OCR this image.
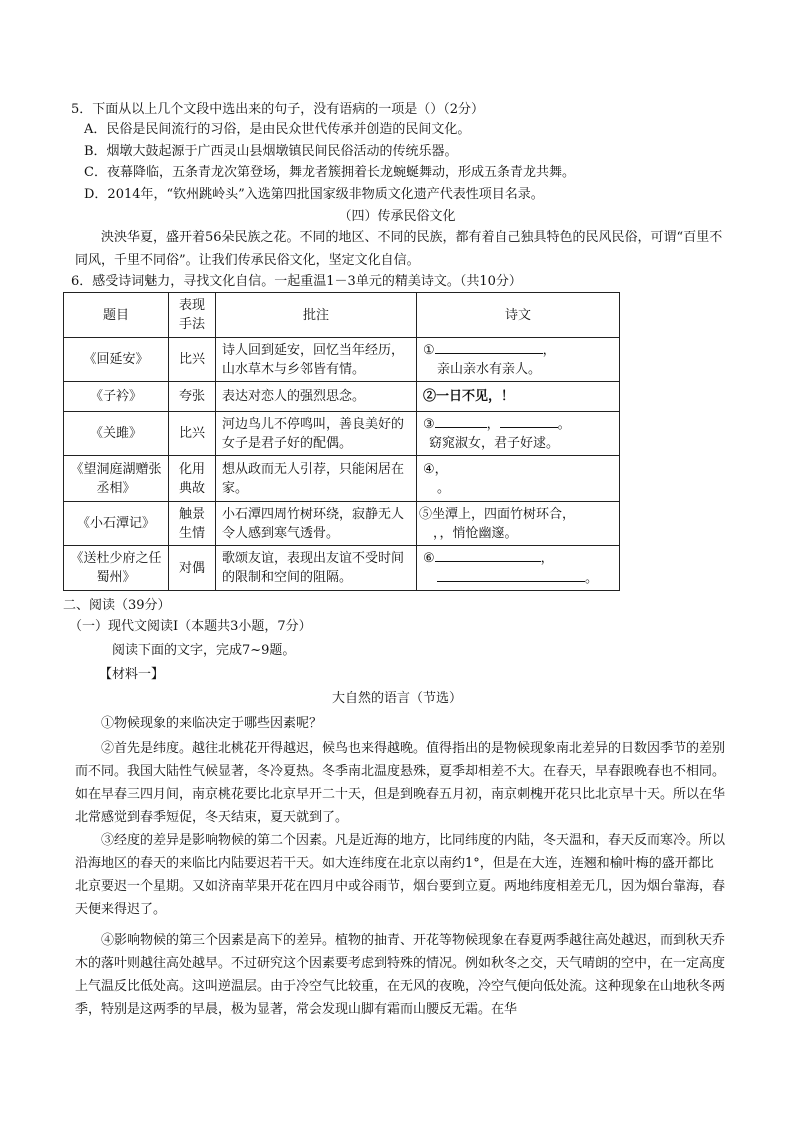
5．下面从以上几个文段中选出来的句子，没有语病的一项是（）（2分）
A．民俗是民间流行的习俗，是由民众世代传承并创造的民间文化。
B．烟墩大鼓起源于广西灵山县烟墩镇民间民俗活动的传统乐器。
C．夜幕降临，五条青龙次第登场，舞龙者簇拥着长龙蜿蜒舞动，形成五条青龙共舞。
D．2014年，“钦州跳岭头”入选第四批国家级非物质文化遗产代表性项目名录。
（四）传承民俗文化
泱泱华夏，盛开着56朵民族之花。不同的地区、不同的民族，都有着自己独具特色的民风民俗，可谓“百里不同风，千里不同俗”。让我们传承民俗文化，坚定文化自信。
6．感受诗词魅力，寻找文化自信。一起重温1－3单元的精美诗文。（共10分）
题目	表现手法	批注	诗文
《回延安》	比兴	诗人回到延安，回忆当年经历，山水草木与乡邻皆有情。	① ，
亲山亲水有亲人。

《子衿》	夸张	表达对恋人的强烈思念。	②一日不见，！
《关雎》	比兴	河边鸟儿不停鸣叫，善良美好的女子是君子好的配偶。	③ ， 。
窈窕淑女，君子好逑。

《望洞庭湖赠张丞相》	化用典故	想从政而无人引荐，只能闲居在家。	④，
。

《小石潭记》	触景生情	小石潭四周竹树环绕，寂静无人令人感到寒气透骨。	⑤坐潭上，四面竹树环合，
，，悄怆幽邃。

《送杜少府之任蜀州》	对偶	歌颂友谊，表现出友谊不受时间的限制和空间的阻隔。	⑥ ，
。
二、阅读（39分）
（一）现代文阅读Ⅰ（本题共3小题，7分）
阅读下面的文字，完成7~9题。
【材料一】
大自然的语言（节选）
①物候现象的来临决定于哪些因素呢？
②首先是纬度。越往北桃花开得越迟，候鸟也来得越晚。值得指出的是物候现象南北差异的日数因季节的差别而不同。我国大陆性气候显著，冬冷夏热。冬季南北温度悬殊，夏季却相差不大。在春天，早春跟晚春也不相同。如在早春三四月间，南京桃花要比北京早开二十天，但是到晚春五月初，南京刺槐开花只比北京早十天。所以在华北常感觉到春季短促，冬天结束，夏天就到了。
③经度的差异是影响物候的第二个因素。凡是近海的地方，比同纬度的内陆，冬天温和，春天反而寒冷。所以沿海地区的春天的来临比内陆要迟若干天。如大连纬度在北京以南约1°，但是在大连，连翘和榆叶梅的盛开都比北京要迟一个星期。又如济南苹果开花在四月中或谷雨节，烟台要到立夏。两地纬度相差无几，因为烟台靠海，春天便来得迟了。
④影响物候的第三个因素是高下的差异。植物的抽青、开花等物候现象在春夏两季越往高处越迟，而到秋天乔木的落叶则越往高处越早。不过研究这个因素要考虑到特殊的情况。例如秋冬之交，天气晴朗的空中，在一定高度上气温反比低处高。这叫逆温层。由于冷空气比较重，在无风的夜晚，冷空气便向低处流。这种现象在山地秋冬两季，特别是这两季的早晨，极为显著，常会发现山脚有霜而山腰反无霜。在华
